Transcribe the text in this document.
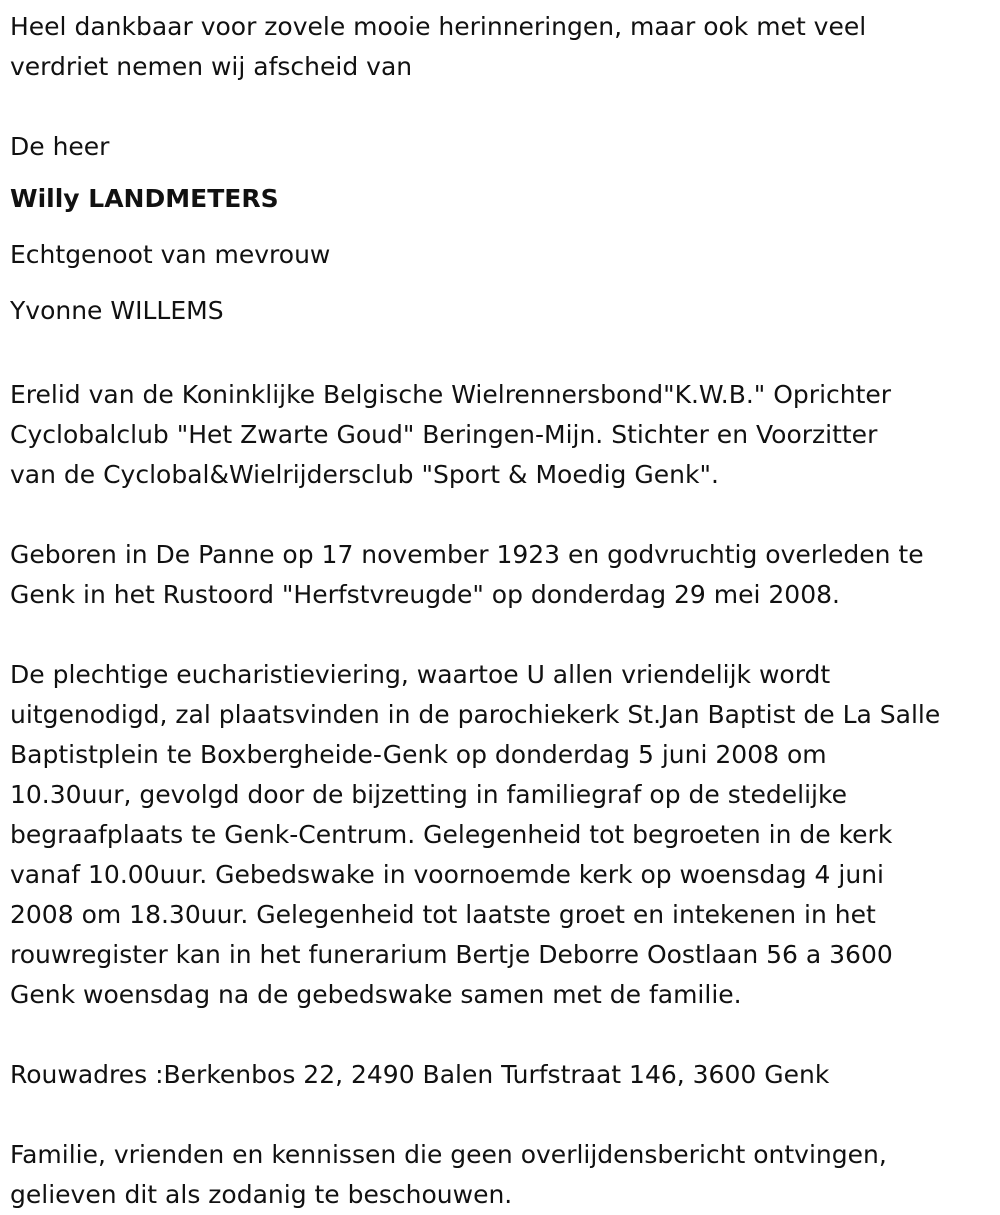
Heel dankbaar voor zovele mooie herinneringen, maar ook met veel
verdriet nemen wij afscheid van
De heer
Willy LANDMETERS
Echtgenoot van mevrouw
Yvonne WILLEMS
Erelid van de Koninklijke Belgische Wielrennersbond"K.W.B." Oprichter
Cyclobalclub "Het Zwarte Goud" Beringen-Mijn. Stichter en Voorzitter
van de Cyclobal&Wielrijdersclub "Sport & Moedig Genk".
Geboren in De Panne op 17 november 1923 en godvruchtig overleden te
Genk in het Rustoord "Herfstvreugde" op donderdag 29 mei 2008.
De plechtige eucharistieviering, waartoe U allen vriendelijk wordt
uitgenodigd, zal plaatsvinden in de parochiekerk St.Jan Baptist de La Salle
Baptistplein te Boxbergheide-Genk op donderdag 5 juni 2008 om
10.30uur, gevolgd door de bijzetting in familiegraf op de stedelijke
begraafplaats te Genk-Centrum. Gelegenheid tot begroeten in de kerk
vanaf 10.00uur. Gebedswake in voornoemde kerk op woensdag 4 juni
2008 om 18.30uur. Gelegenheid tot laatste groet en intekenen in het
rouwregister kan in het funerarium Bertje Deborre Oostlaan 56 a 3600
Genk woensdag na de gebedswake samen met de familie.
Rouwadres :Berkenbos 22, 2490 Balen Turfstraat 146, 3600 Genk
Familie, vrienden en kennissen die geen overlijdensbericht ontvingen,
gelieven dit als zodanig te beschouwen.
